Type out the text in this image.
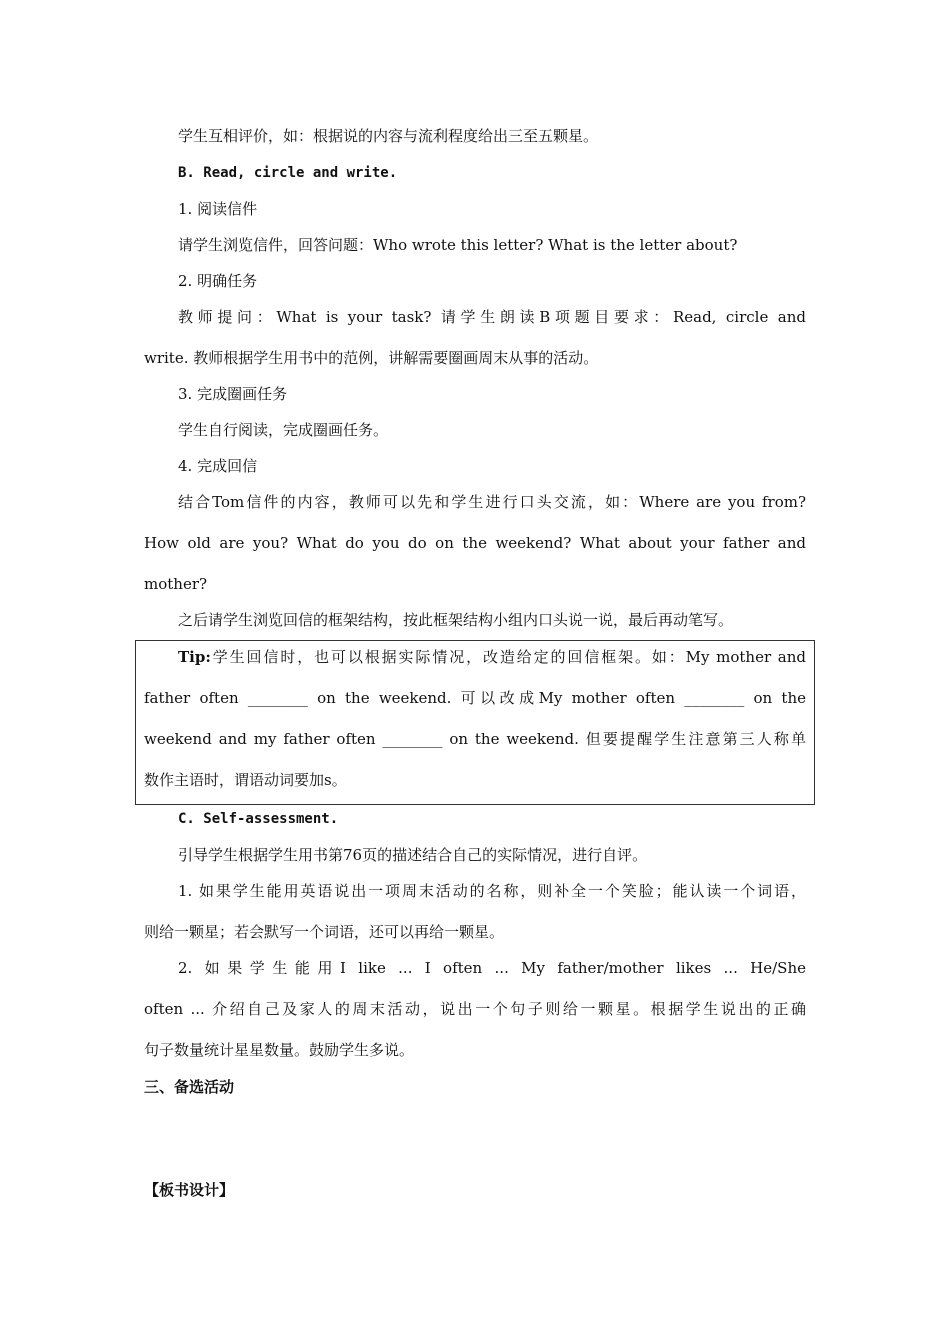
学生互相评价，如：根据说的内容与流利程度给出三至五颗星。
B. Read, circle and write.
1. 阅读信件
请学生浏览信件，回答问题：Who wrote this letter? What is the letter about?
2. 明确任务
教师提问：What is your task? 请学生朗读B项题目要求：Read, circle and
write. 教师根据学生用书中的范例，讲解需要圈画周末从事的活动。
3. 完成圈画任务
学生自行阅读，完成圈画任务。
4. 完成回信
结合Tom信件的内容，教师可以先和学生进行口头交流，如：Where are you from?
How old are you? What do you do on the weekend? What about your father and
mother?
之后请学生浏览回信的框架结构，按此框架结构小组内口头说一说，最后再动笔写。
Tip:学生回信时，也可以根据实际情况，改造给定的回信框架。如：My mother and
father often ________ on the weekend. 可以改成My mother often ________ on the
weekend and my father often ________ on the weekend. 但要提醒学生注意第三人称单
数作主语时，谓语动词要加s。
C. Self-assessment.
引导学生根据学生用书第76页的描述结合自己的实际情况，进行自评。
1. 如果学生能用英语说出一项周末活动的名称，则补全一个笑脸；能认读一个词语，
则给一颗星；若会默写一个词语，还可以再给一颗星。
2. 如果学生能用I like ... I often ... My father/mother likes ... He/She
often ... 介绍自己及家人的周末活动，说出一个句子则给一颗星。根据学生说出的正确
句子数量统计星星数量。鼓励学生多说。
三、备选活动
【板书设计】
